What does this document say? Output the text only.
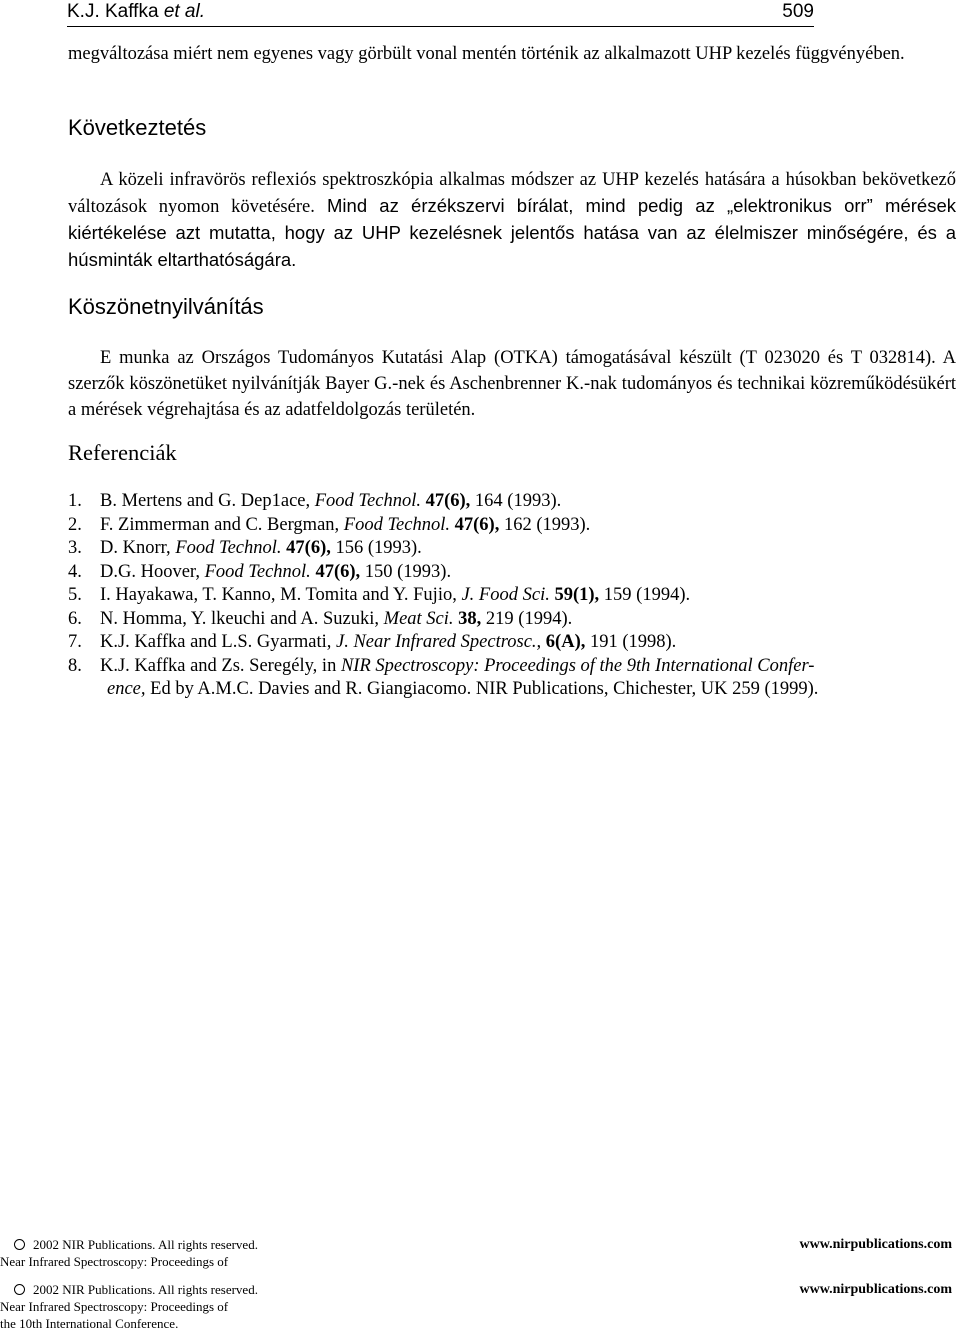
K.J. Kaffka et al.	509
megváltozása miért nem egyenes vagy görbült vonal mentén történik az alkalmazott UHP kezelés függvényében.
Következtetés
A közeli infravörös reflexiós spektroszkópia alkalmas módszer az UHP kezelés hatására a húsokban bekövetkező változások nyomon követésére. Mind az érzékszervi bírálat, mind pedig az „elektronikus orr” mérések kiértékelése azt mutatta, hogy az UHP kezelésnek jelentős hatása van az élelmiszer minőségére, és a húsminták eltarthatóságára.
Köszönetnyilvánítás
E munka az Országos Tudományos Kutatási Alap (OTKA) támogatásával készült (T 023020 és T 032814). A szerzők köszönetüket nyilvánítják Bayer G.-nek és Aschenbrenner K.-nak tudományos és technikai közreműködésükért a mérések végrehajtása és az adatfeldolgozás területén.
Referenciák
1. B. Mertens and G. Dep1ace, Food Technol. 47(6), 164 (1993).
2. F. Zimmerman and C. Bergman, Food Technol. 47(6), 162 (1993).
3. D. Knorr, Food Technol. 47(6), 156 (1993).
4. D.G. Hoover, Food Technol. 47(6), 150 (1993).
5. I. Hayakawa, T. Kanno, M. Tomita and Y. Fujio, J. Food Sci. 59(1), 159 (1994).
6. N. Homma, Y. lkeuchi and A. Suzuki, Meat Sci. 38, 219 (1994).
7. K.J. Kaffka and L.S. Gyarmati, J. Near Infrared Spectrosc., 6(A), 191 (1998).
8. K.J. Kaffka and Zs. Seregély, in NIR Spectroscopy: Proceedings of the 9th International Confer-
ence, Ed by A.M.C. Davies and R. Giangiacomo. NIR Publications, Chichester, UK 259 (1999).
2002 NIR Publications. All rights reserved.	www.nirpublications.com
Near Infrared Spectroscopy: Proceedings of
2002 NIR Publications. All rights reserved.	www.nirpublications.com
Near Infrared Spectroscopy: Proceedings of
the 10th International Conference.
